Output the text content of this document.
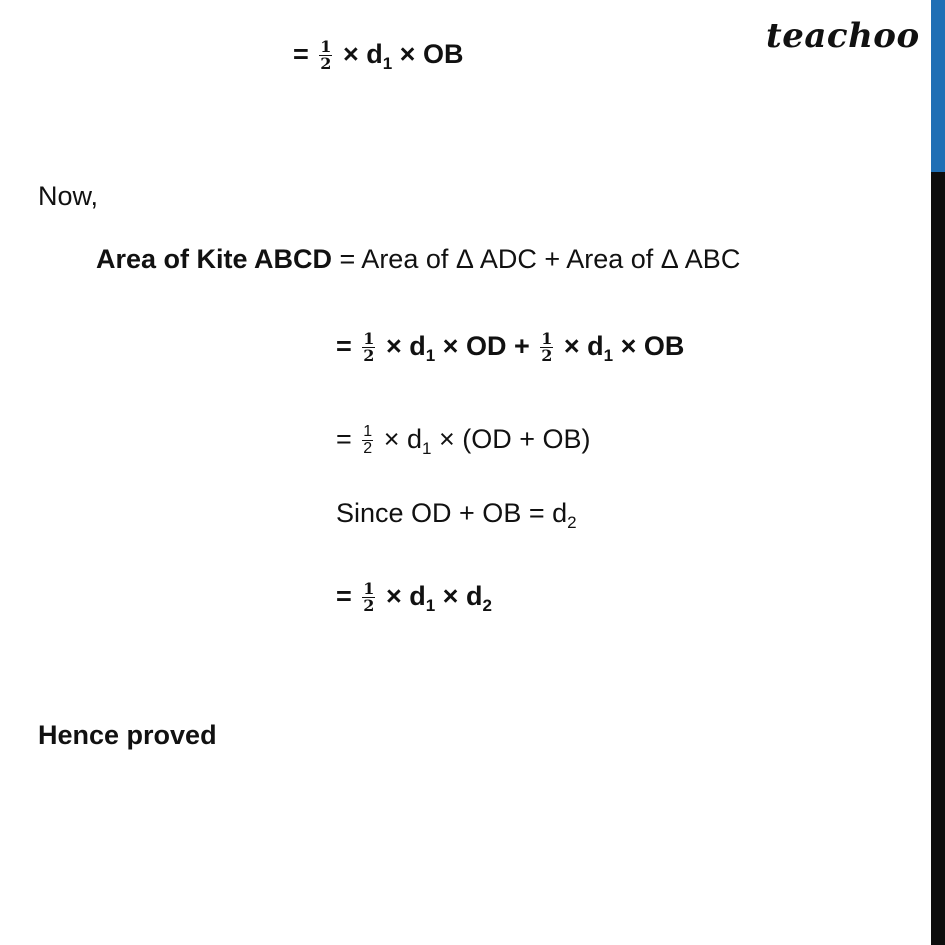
teachoo
= $\frac{1}{2} \times d_1$ × OB
Now,
Area of Kite ABCD = Area of Δ ADC + Area of Δ ABC
= $\frac{1}{2} \times d_1$ × OD + $\frac{1}{2} \times d_1$ × OB
= $\frac{1}{2} \times d_1 \times (OD + OB)$
Since OD + OB = $d_2$
= $\frac{1}{2} \times d_1 \times d_2$
Hence proved
